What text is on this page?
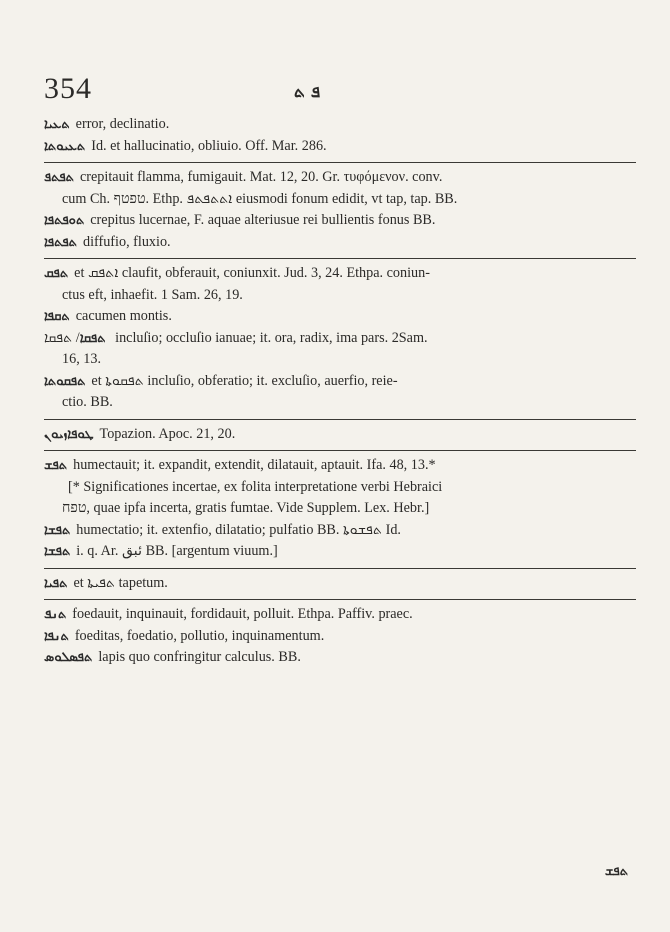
354	ܦ ܬ
ܬܥܝܐ error, declinatio.
ܬܥܝܘܬܐ Id. et hallucinatio, obliuio. Off. Mar. 286.
ܬܦܬܦ crepitauit flamma, fumigauit. Mat. 12, 20. Gr. τυφόμενον. conv.
cum Ch. ‏טפטף‏. Ethp. ‏ܐܬܬܦܬܦ‏ eiusmodi fonum edidit, vt tap, tap. BB.
ܬܘܦܬܦܐ crepitus lucernae, F. aquae alteriusue rei bullientis fonus BB.
ܬܦܬܦܐ diffufio, fluxio.
ܬܦܩ et ܐܬܦܩ claufit, obferauit, coniunxit. Jud. 3, 24. Ethpa. coniun-
ctus eft, inhaefit. 1 Sam. 26, 19.
ܬܩܦܐ cacumen montis.
ܬܦܩܐ/ ܬܦܩܐ incluſio; occluſio ianuae; it. ora, radix, ima pars. 2Sam.
16, 13.
ܬܦܩܘܬܐ et ܬܦܩܘܬܐ incluſio, obferatio; it. excluſio, auerfio, reie-
ctio. BB.
ܛܘܦܐܙܝܘܢ Topazion. Apoc. 21, 20.
ܬܦܫ humectauit; it. expandit, extendit, dilatauit, aptauit. Ifa. 48, 13.*
[* Significationes incertae, ex folita interpretatione verbi Hebraici
‏טפח‏, quae ipfa incerta, gratis fumtae. Vide Supplem. Lex. Hebr.]
ܬܦܫܐ humectatio; it. extenfio, dilatatio; pulfatio BB. ܬܦܫܘܬܐ Id.
ܬܦܫܐ i. q. Ar. ئبق BB. [argentum viuum.]
ܬܦܝܐ et ܬܦܝܬܐ tapetum.
ܬܢܦ foedauit, inquinauit, fordidauit, polluit. Ethpa. Paffiv. praec.
ܬܢܦܐ foeditas, foedatio, pollutio, inquinamentum.
ܬܦܣܠܘܣ lapis quo confringitur calculus. BB.
ܬܦܫ
